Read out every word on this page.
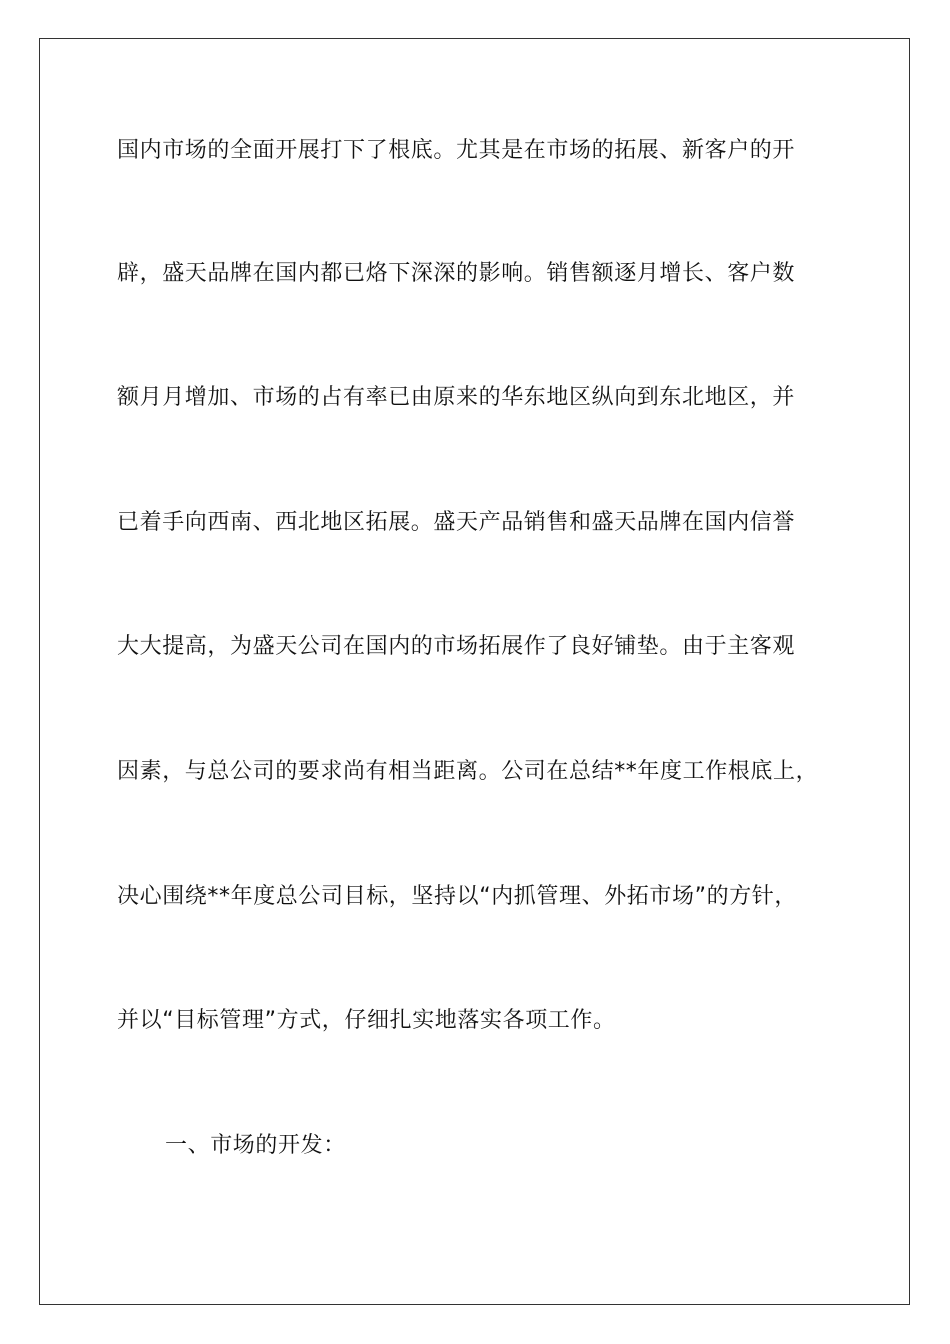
国内市场的全面开展打下了根底。尤其是在市场的拓展、新客户的开
辟，盛天品牌在国内都已烙下深深的影响。销售额逐月增长、客户数
额月月增加、市场的占有率已由原来的华东地区纵向到东北地区，并
已着手向西南、西北地区拓展。盛天产品销售和盛天品牌在国内信誉
大大提高，为盛天公司在国内的市场拓展作了良好铺垫。由于主客观
因素，与总公司的要求尚有相当距离。公司在总结**年度工作根底上，
决心围绕**年度总公司目标，坚持以“内抓管理、外拓市场”的方针，
并以“目标管理”方式，仔细扎实地落实各项工作。
一、市场的开发：
